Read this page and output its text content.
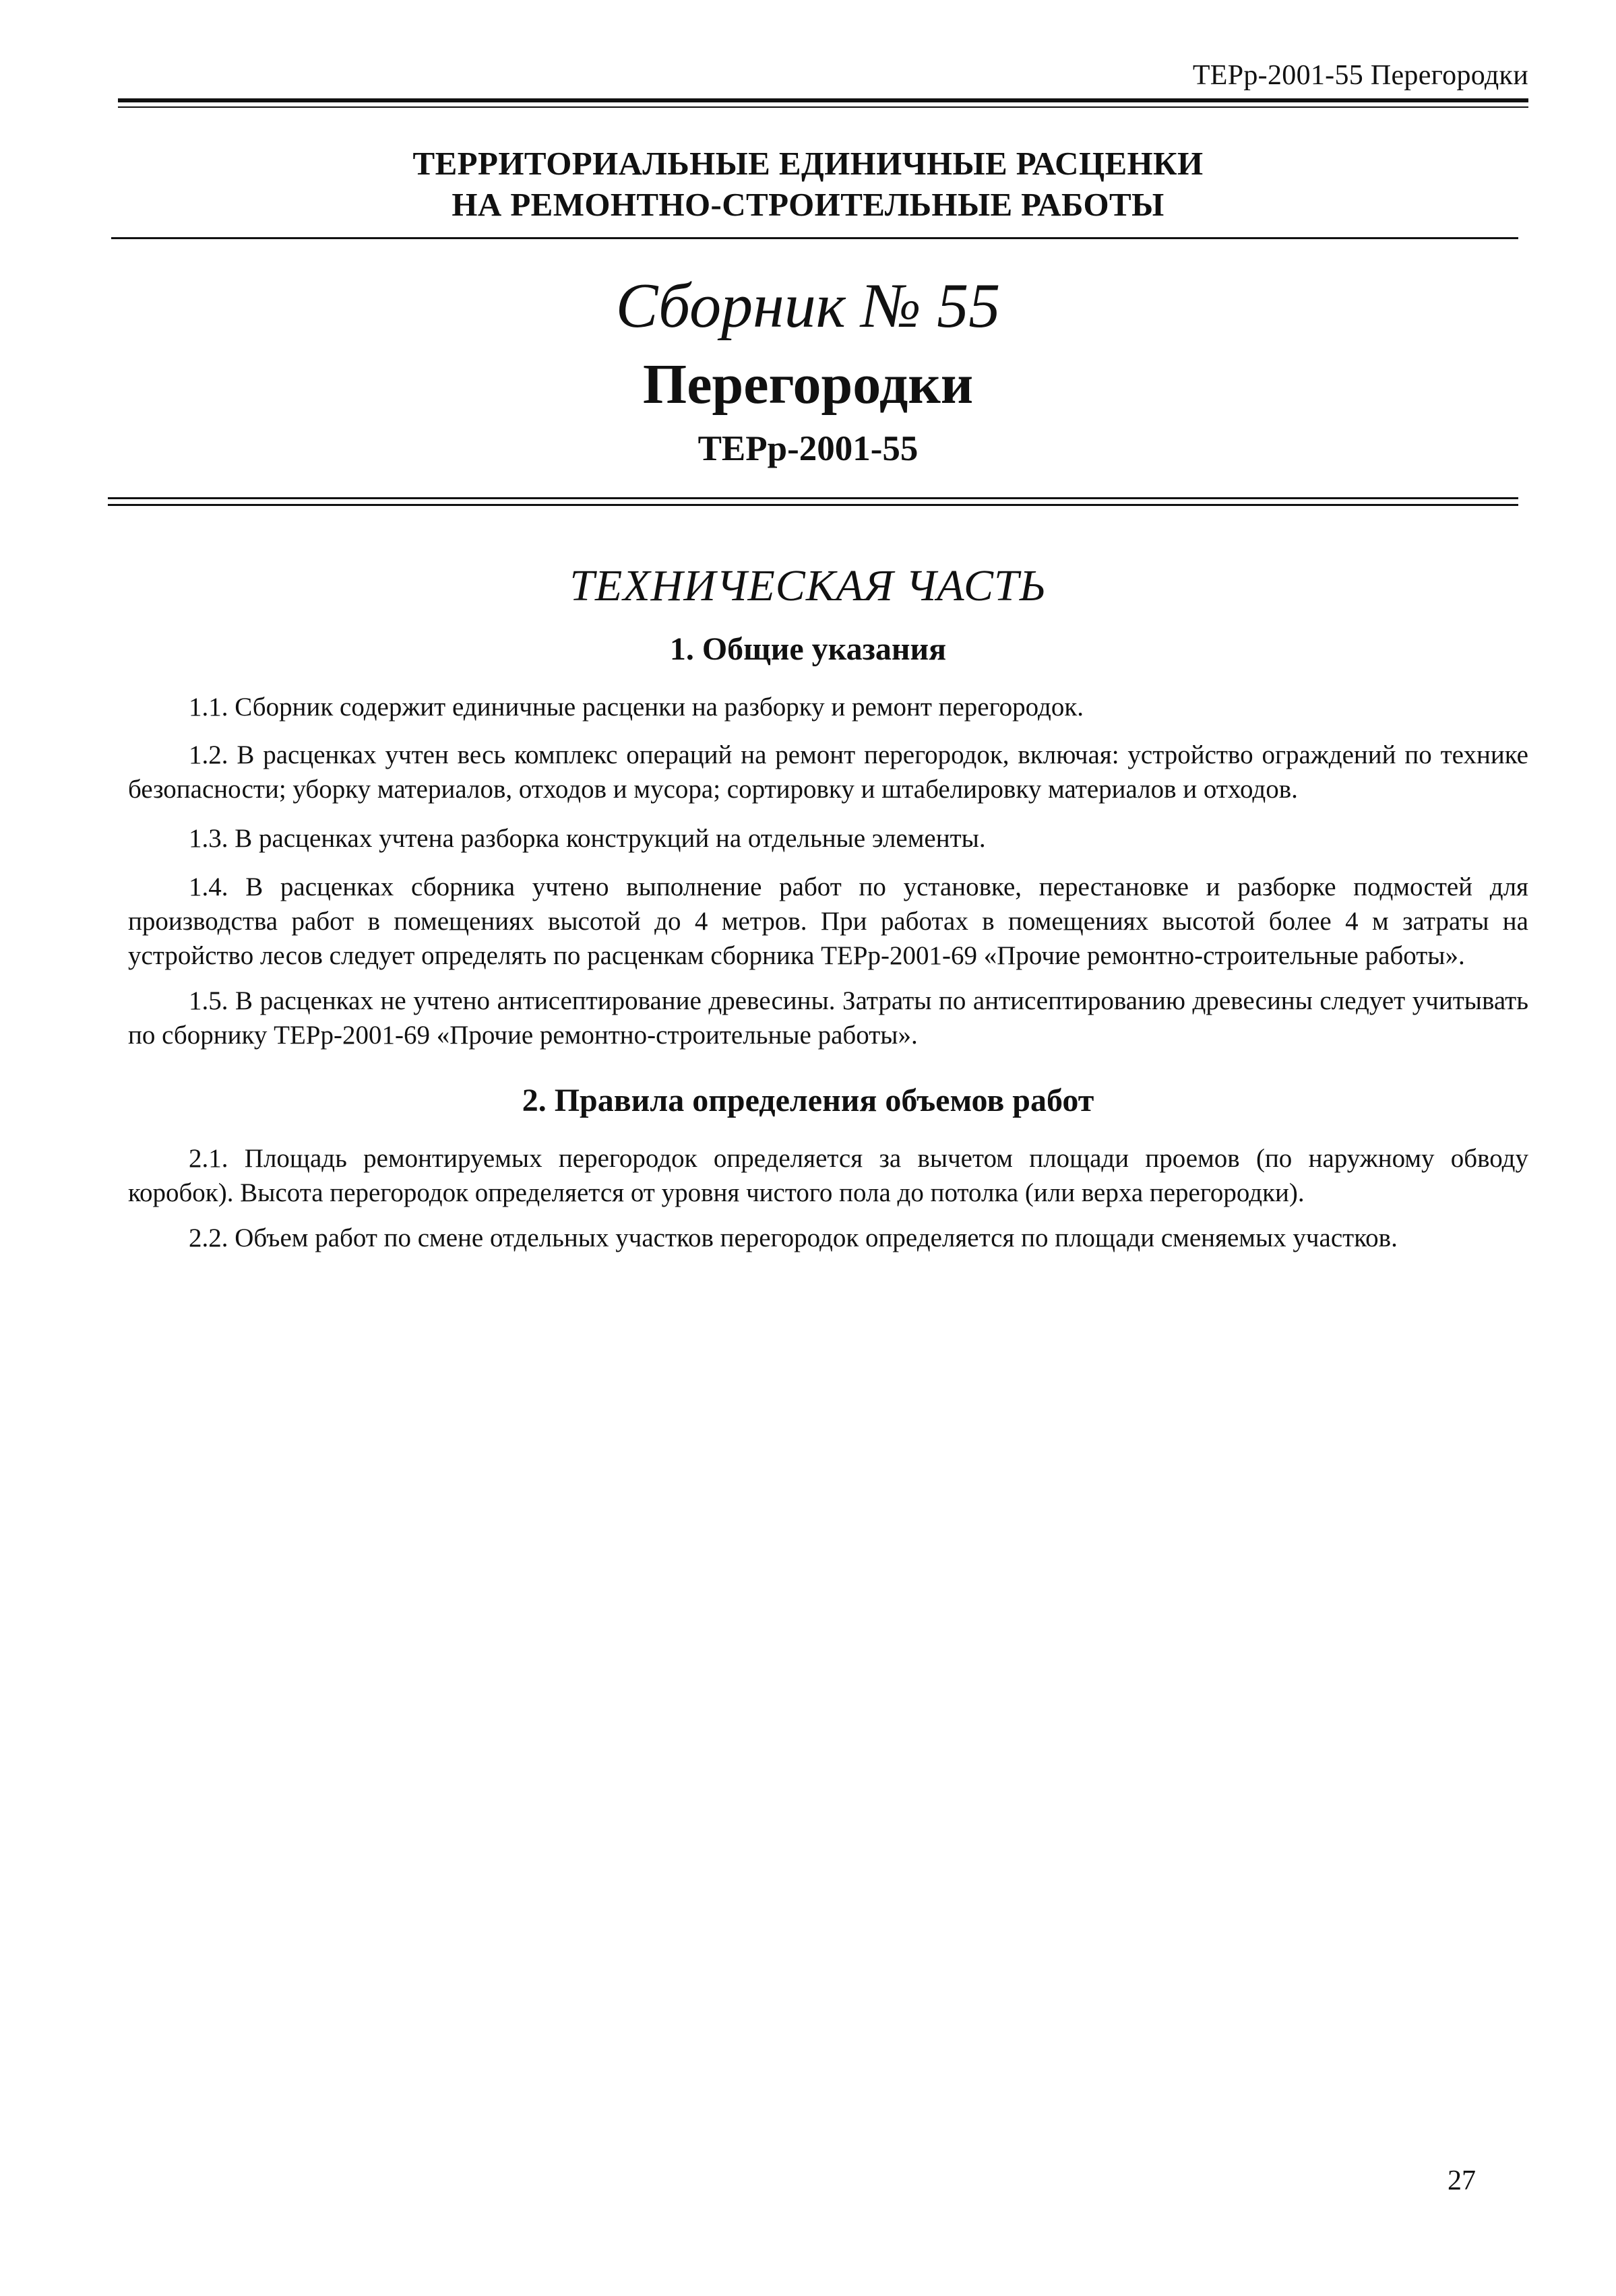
ТЕРр-2001-55 Перегородки
ТЕРРИТОРИАЛЬНЫЕ ЕДИНИЧНЫЕ РАСЦЕНКИ
НА РЕМОНТНО-СТРОИТЕЛЬНЫЕ РАБОТЫ
Сборник № 55
Перегородки
ТЕРр-2001-55
ТЕХНИЧЕСКАЯ ЧАСТЬ
1. Общие указания
1.1. Сборник содержит единичные расценки на разборку и ремонт перегородок.
1.2. В расценках учтен весь комплекс операций на ремонт перегородок, включая: устройство ограждений по технике безопасности; уборку материалов, отходов и мусора; сортировку и штабелировку материалов и отходов.
1.3. В расценках учтена разборка конструкций на отдельные элементы.
1.4. В расценках сборника учтено выполнение работ по установке, перестановке и разборке подмостей для производства работ в помещениях высотой до 4 метров. При работах в помещениях высотой более 4 м затраты на устройство лесов следует определять по расценкам сборника ТЕРр-2001-69 «Прочие ремонтно-строительные работы».
1.5. В расценках не учтено антисептирование древесины. Затраты по антисептированию древесины следует учитывать по сборнику ТЕРр-2001-69 «Прочие ремонтно-строительные работы».
2. Правила определения объемов работ
2.1. Площадь ремонтируемых перегородок определяется за вычетом площади проемов (по наружному обводу коробок). Высота перегородок определяется от уровня чистого пола до потолка (или верха перегородки).
2.2. Объем работ по смене отдельных участков перегородок определяется по площади сменяемых участков.
27
